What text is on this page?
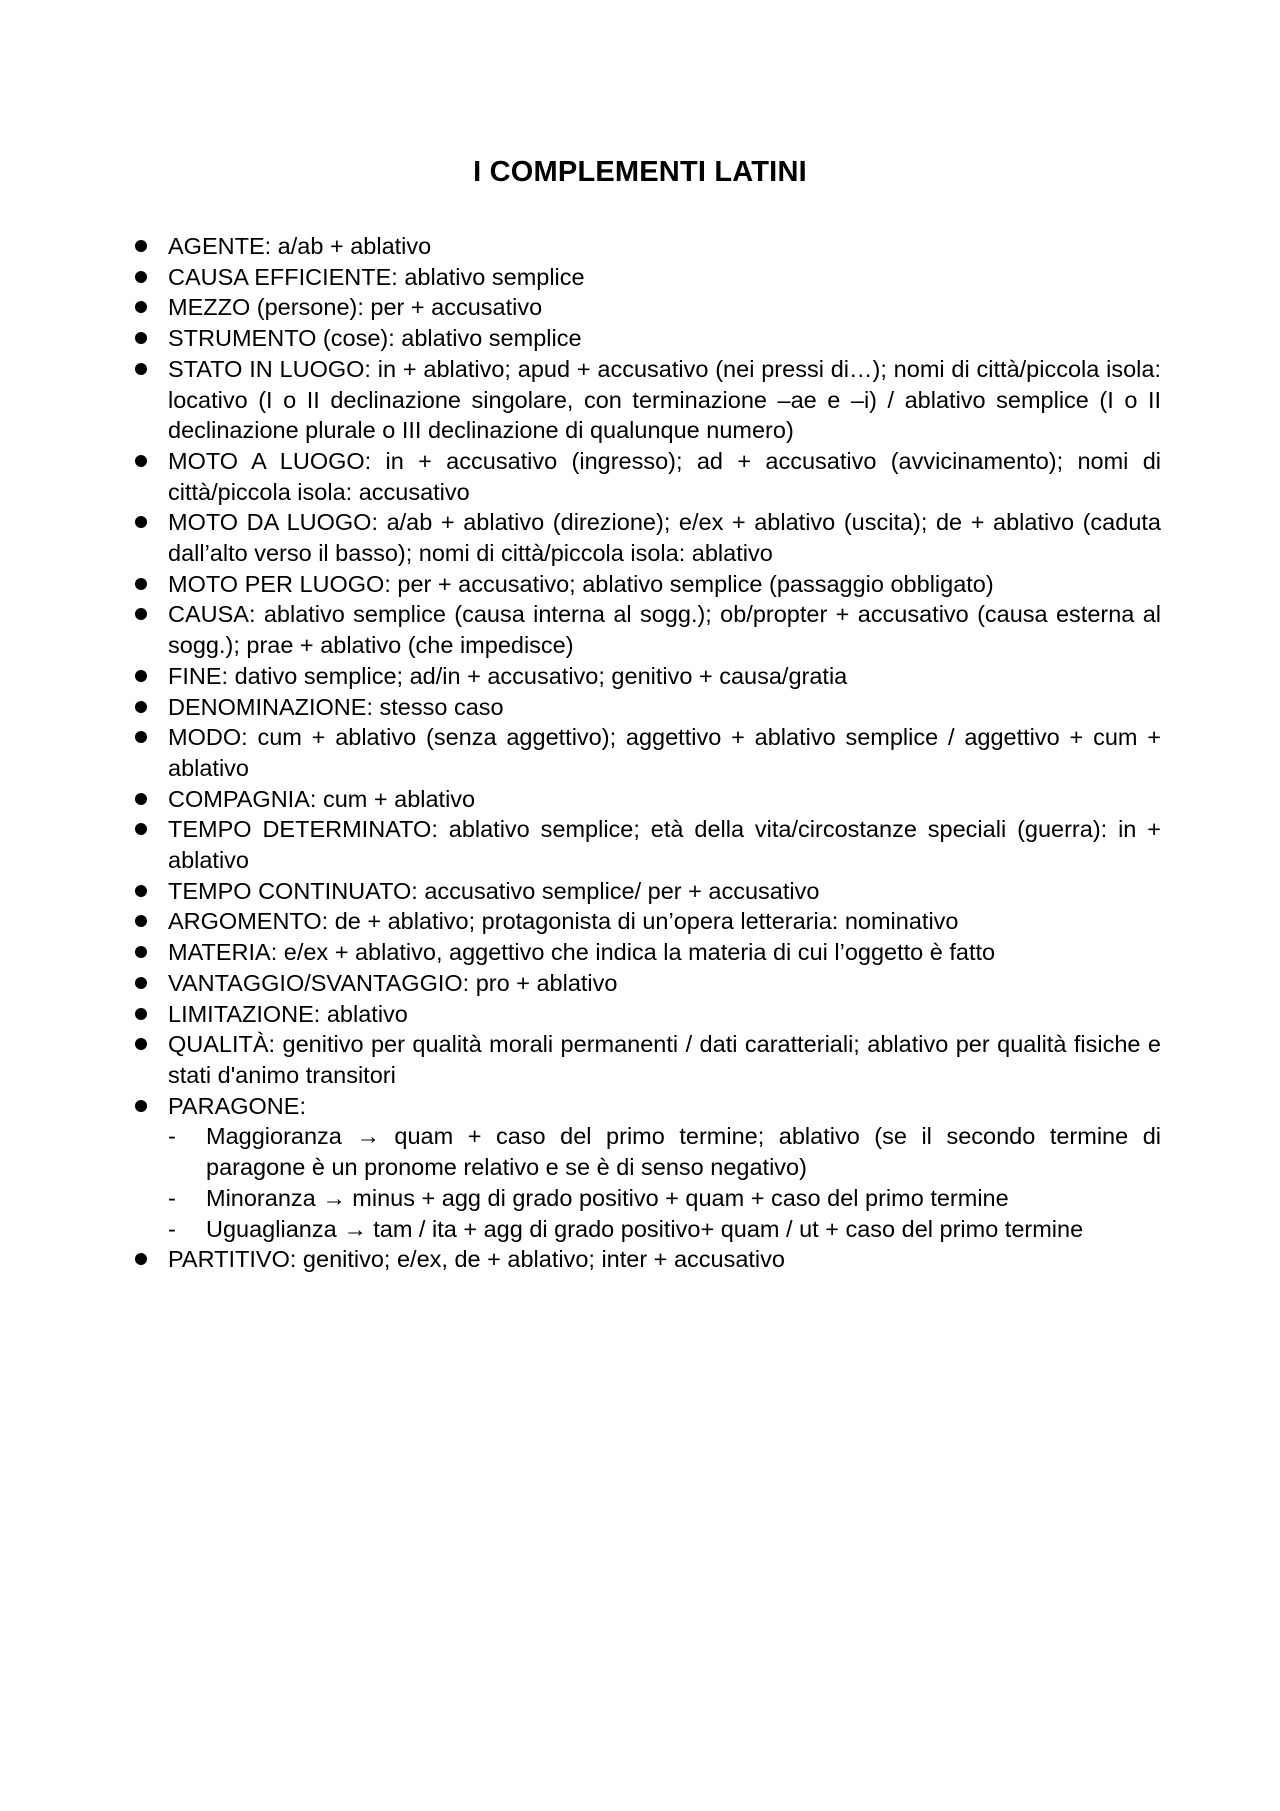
I COMPLEMENTI LATINI
AGENTE: a/ab + ablativo
CAUSA EFFICIENTE: ablativo semplice
MEZZO (persone): per + accusativo
STRUMENTO (cose): ablativo semplice
STATO IN LUOGO: in + ablativo; apud + accusativo (nei pressi di…); nomi di città/piccola isola: locativo (I o II declinazione singolare, con terminazione –ae e –i) / ablativo semplice (I o II declinazione plurale o III declinazione di qualunque numero)
MOTO A LUOGO: in + accusativo (ingresso); ad + accusativo (avvicinamento); nomi di città/piccola isola: accusativo
MOTO DA LUOGO: a/ab + ablativo (direzione); e/ex + ablativo (uscita); de + ablativo (caduta dall’alto verso il basso); nomi di città/piccola isola: ablativo
MOTO PER LUOGO: per + accusativo; ablativo semplice (passaggio obbligato)
CAUSA: ablativo semplice (causa interna al sogg.); ob/propter + accusativo (causa esterna al sogg.); prae + ablativo (che impedisce)
FINE: dativo semplice; ad/in + accusativo; genitivo + causa/gratia
DENOMINAZIONE: stesso caso
MODO: cum + ablativo (senza aggettivo); aggettivo + ablativo semplice / aggettivo + cum + ablativo
COMPAGNIA: cum + ablativo
TEMPO DETERMINATO: ablativo semplice; età della vita/circostanze speciali (guerra): in + ablativo
TEMPO CONTINUATO: accusativo semplice/ per + accusativo
ARGOMENTO: de + ablativo; protagonista di un’opera letteraria: nominativo
MATERIA: e/ex + ablativo, aggettivo che indica la materia di cui l’oggetto è fatto
VANTAGGIO/SVANTAGGIO: pro + ablativo
LIMITAZIONE: ablativo
QUALITÀ: genitivo per qualità morali permanenti / dati caratteriali; ablativo per qualità fisiche e stati d'animo transitori
PARAGONE:
- Maggioranza → quam + caso del primo termine; ablativo (se il secondo termine di paragone è un pronome relativo e se è di senso negativo)
- Minoranza → minus + agg di grado positivo + quam + caso del primo termine
- Uguaglianza → tam / ita + agg di grado positivo+ quam / ut + caso del primo termine
PARTITIVO: genitivo; e/ex, de + ablativo; inter + accusativo
